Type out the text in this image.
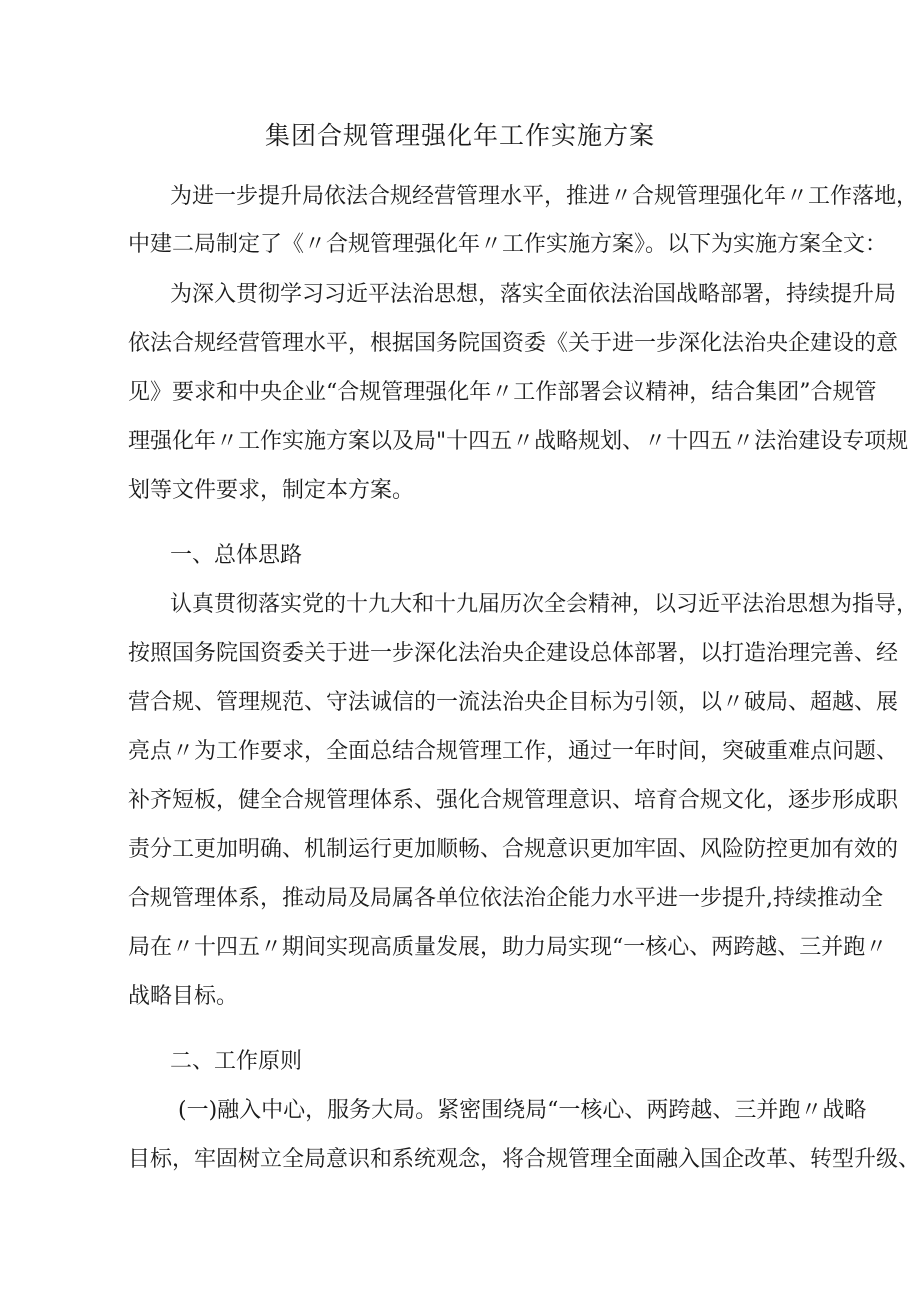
集团合规管理强化年工作实施方案
为进一步提升局依法合规经营管理水平，推进〃合规管理强化年〃工作落地，
中建二局制定了《〃合规管理强化年〃工作实施方案》。以下为实施方案全文：
为深入贯彻学习习近平法治思想，落实全面依法治国战略部署，持续提升局
依法合规经营管理水平，根据国务院国资委《关于进一步深化法治央企建设的意
见》要求和中央企业“合规管理强化年〃工作部署会议精神，结合集团”合规管
理强化年〃工作实施方案以及局"十四五〃战略规划、〃十四五〃法治建设专项规
划等文件要求，制定本方案。
一、总体思路
认真贯彻落实党的十九大和十九届历次全会精神，以习近平法治思想为指导，
按照国务院国资委关于进一步深化法治央企建设总体部署，以打造治理完善、经
营合规、管理规范、守法诚信的一流法治央企目标为引领，以〃破局、超越、展
亮点〃为工作要求，全面总结合规管理工作，通过一年时间，突破重难点问题、
补齐短板，健全合规管理体系、强化合规管理意识、培育合规文化，逐步形成职
责分工更加明确、机制运行更加顺畅、合规意识更加牢固、风险防控更加有效的
合规管理体系，推动局及局属各单位依法治企能力水平进一步提升,持续推动全
局在〃十四五〃期间实现高质量发展，助力局实现“一核心、两跨越、三并跑〃
战略目标。
二、工作原则
(一)融入中心，服务大局。紧密围绕局“一核心、两跨越、三并跑〃战略
目标，牢固树立全局意识和系统观念，将合规管理全面融入国企改革、转型升级、
